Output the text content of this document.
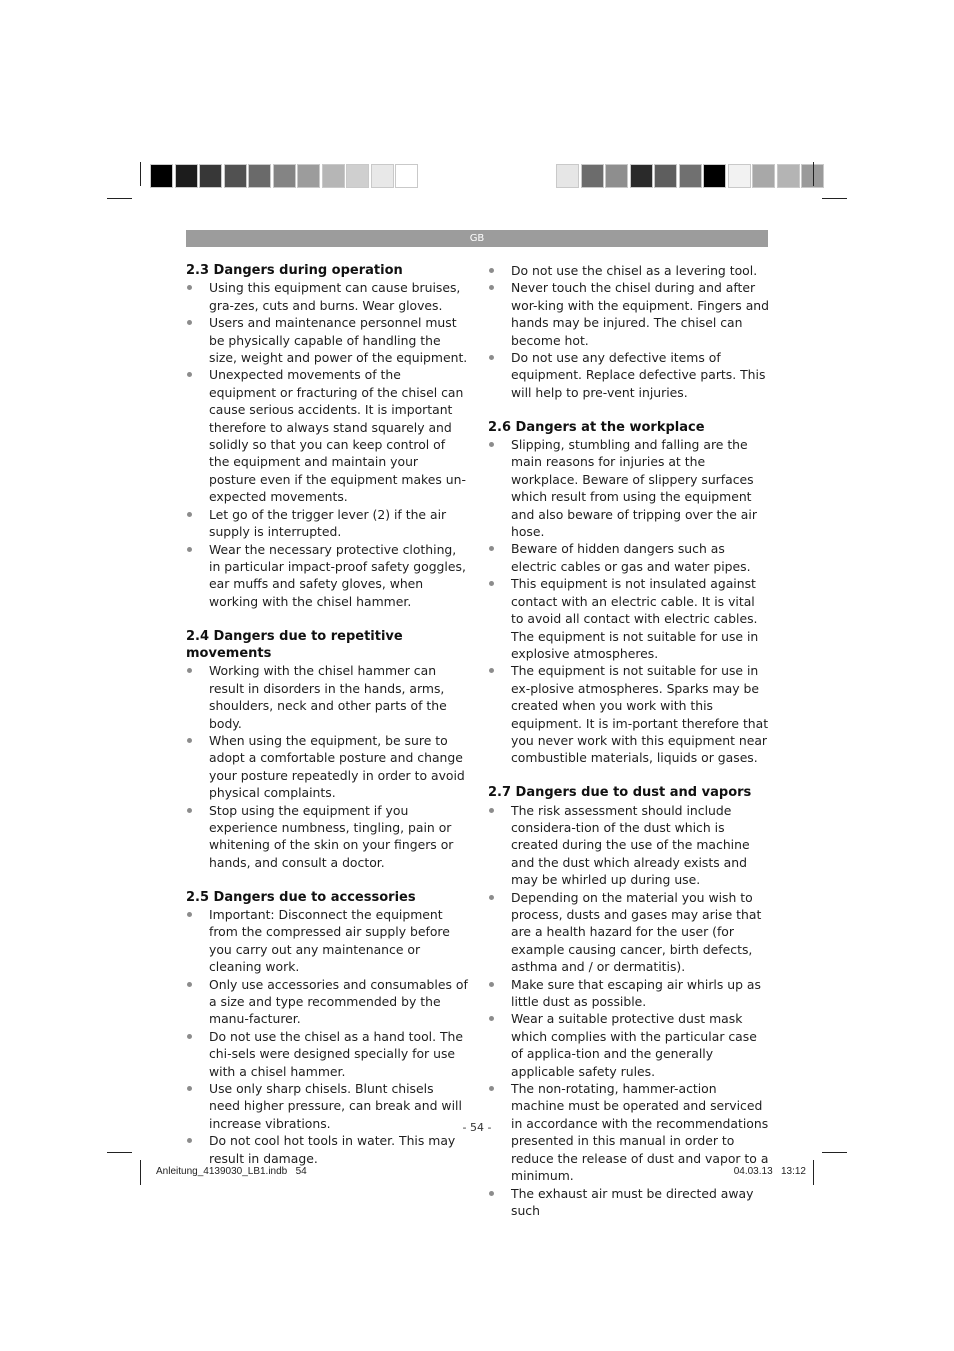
GB
2.3 Dangers during operation
Using this equipment can cause bruises, gra-zes, cuts and burns. Wear gloves.
Users and maintenance personnel must be physically capable of handling the size, weight and power of the equipment.
Unexpected movements of the equipment or fracturing of the chisel can cause serious accidents. It is important therefore to always stand squarely and solidly so that you can keep control of the equipment and maintain your posture even if the equipment makes un-expected movements.
Let go of the trigger lever (2) if the air supply is interrupted.
Wear the necessary protective clothing, in particular impact-proof safety goggles, ear muffs and safety gloves, when working with the chisel hammer.
2.4 Dangers due to repetitive movements
Working with the chisel hammer can result in disorders in the hands, arms, shoulders, neck and other parts of the body.
When using the equipment, be sure to adopt a comfortable posture and change your posture repeatedly in order to avoid physical complaints.
Stop using the equipment if you experience numbness, tingling, pain or whitening of the skin on your fingers or hands, and consult a doctor.
2.5 Dangers due to accessories
Important: Disconnect the equipment from the compressed air supply before you carry out any maintenance or cleaning work.
Only use accessories and consumables of a size and type recommended by the manu-facturer.
Do not use the chisel as a hand tool. The chi-sels were designed specially for use with a chisel hammer.
Use only sharp chisels. Blunt chisels need higher pressure, can break and will increase vibrations.
Do not cool hot tools in water. This may result in damage.
Do not use the chisel as a levering tool.
Never touch the chisel during and after wor-king with the equipment. Fingers and hands may be injured. The chisel can become hot.
Do not use any defective items of equipment. Replace defective parts. This will help to pre-vent injuries.
2.6 Dangers at the workplace
Slipping, stumbling and falling are the main reasons for injuries at the workplace. Beware of slippery surfaces which result from using the equipment and also beware of tripping over the air hose.
Beware of hidden dangers such as electric cables or gas and water pipes.
This equipment is not insulated against contact with an electric cable. It is vital to avoid all contact with electric cables. The equipment is not suitable for use in explosive atmospheres.
The equipment is not suitable for use in ex-plosive atmospheres. Sparks may be created when you work with this equipment. It is im-portant therefore that you never work with this equipment near combustible materials, liquids or gases.
2.7 Dangers due to dust and vapors
The risk assessment should include considera-tion of the dust which is created during the use of the machine and the dust which already exists and may be whirled up during use.
Depending on the material you wish to process, dusts and gases may arise that are a health hazard for the user (for example causing cancer, birth defects, asthma and / or dermatitis).
Make sure that escaping air whirls up as little dust as possible.
Wear a suitable protective dust mask which complies with the particular case of applica-tion and the generally applicable safety rules.
The non-rotating, hammer-action machine must be operated and serviced in accordance with the recommendations presented in this manual in order to reduce the release of dust and vapor to a minimum.
The exhaust air must be directed away such
- 54 -
Anleitung_4139030_LB1.indb   54	04.03.13   13:12
